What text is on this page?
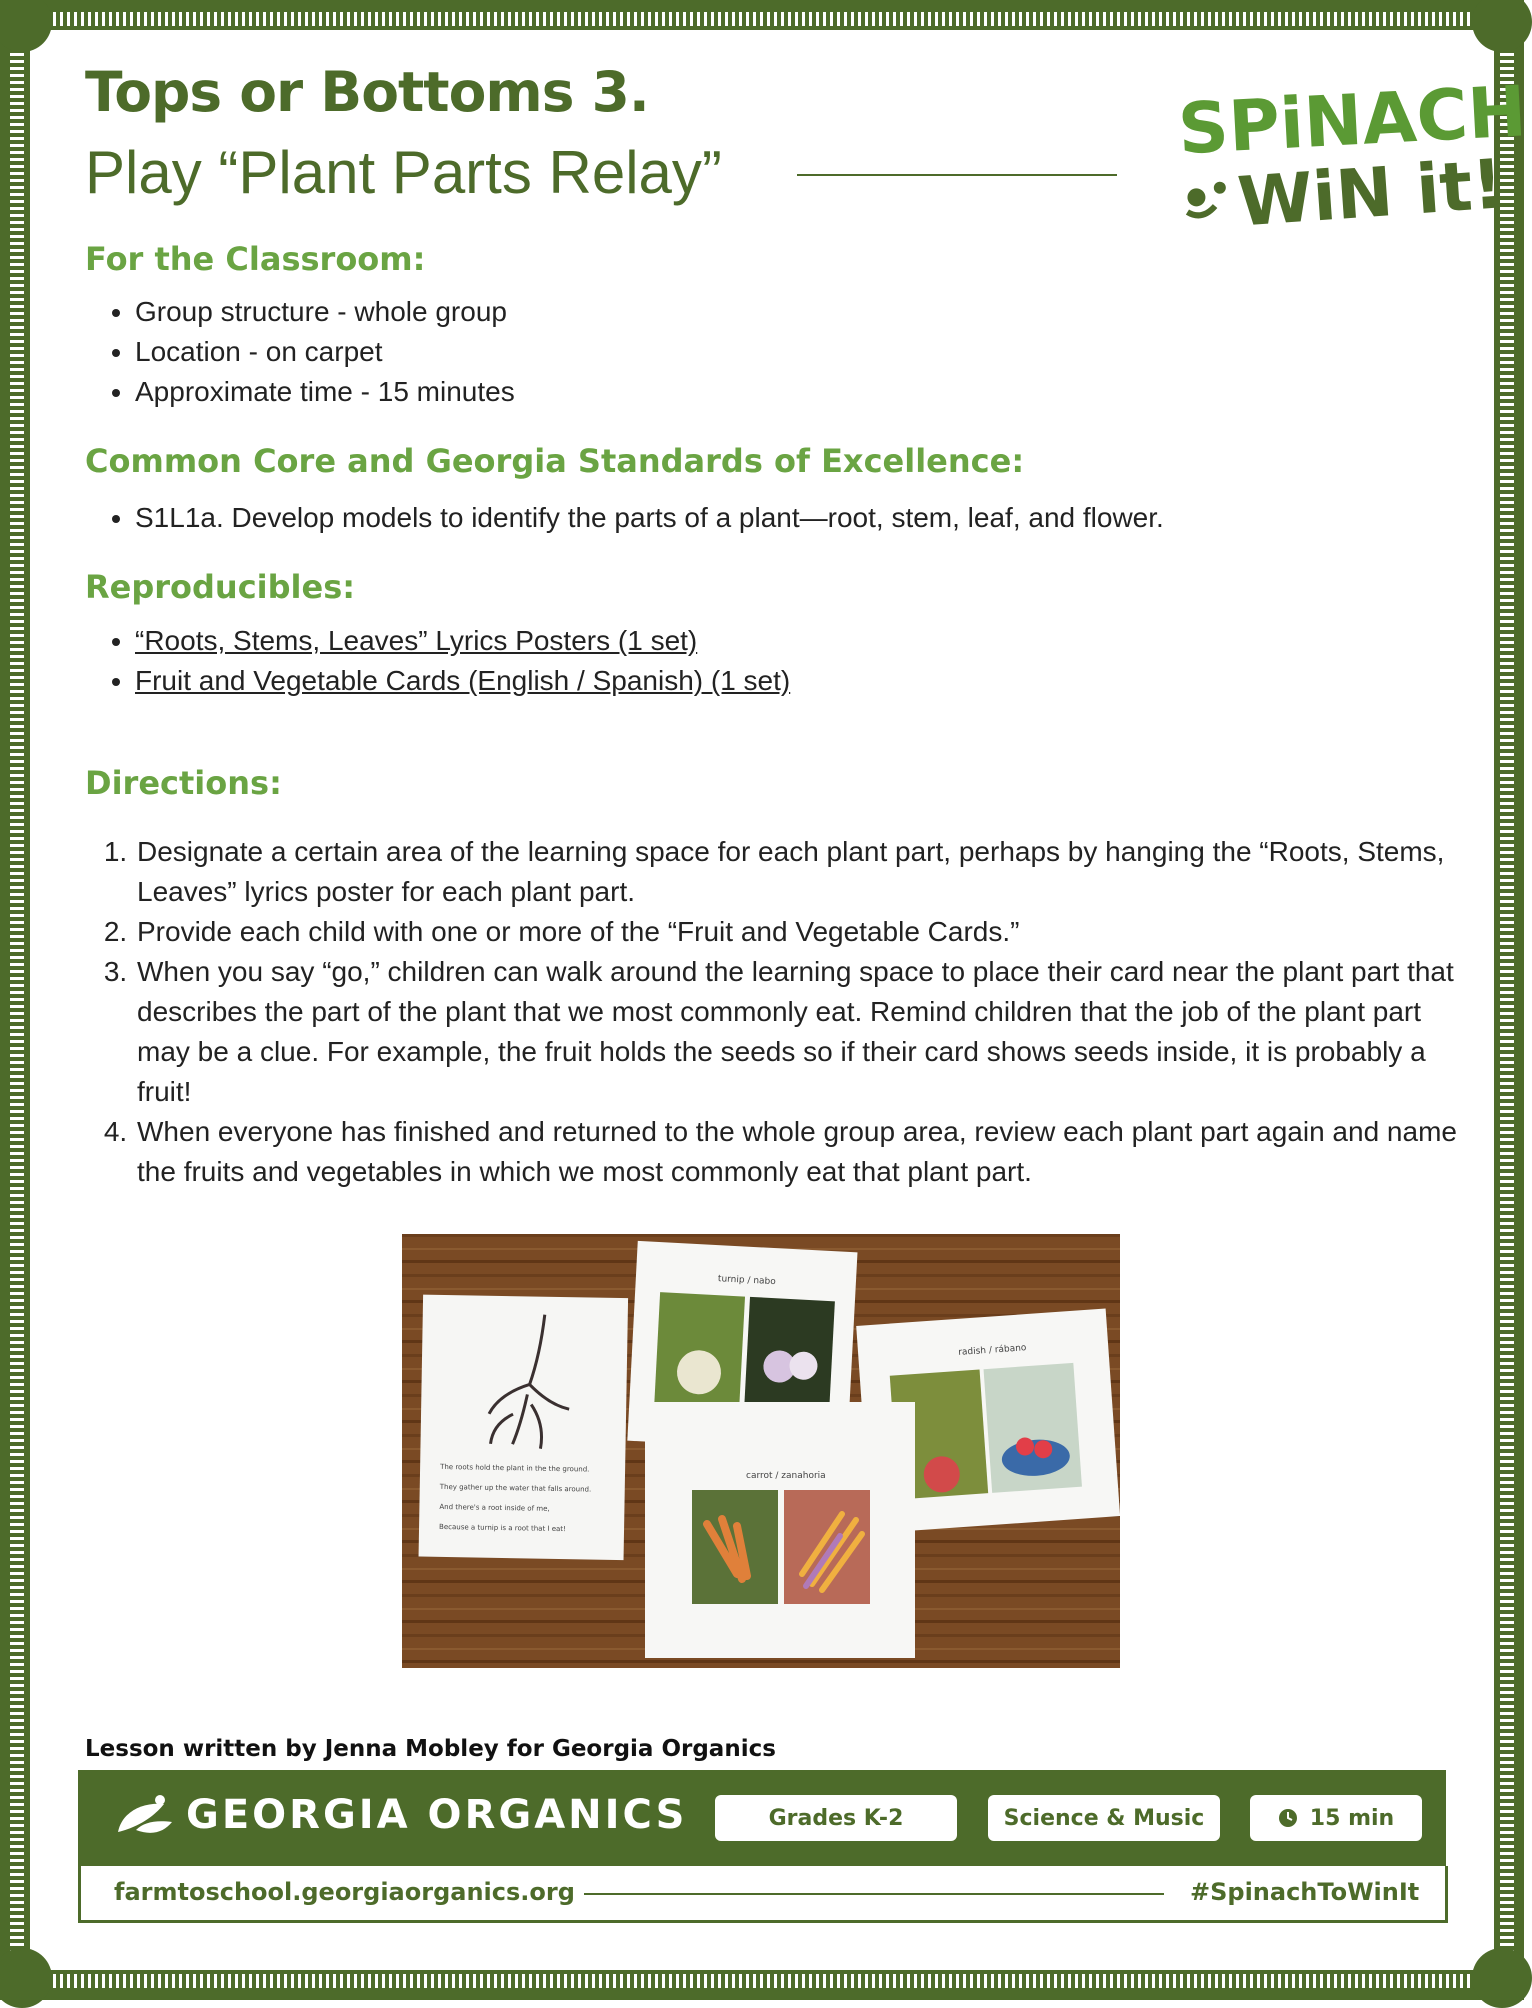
Tops or Bottoms 3.
Play “Plant Parts Relay”
SPiNACH
WiN it!
For the Classroom:
• Group structure - whole group
• Location - on carpet
• Approximate time - 15 minutes
Common Core and Georgia Standards of Excellence:
• S1L1a. Develop models to identify the parts of a plant—root, stem, leaf, and flower.
Reproducibles:
• “Roots, Stems, Leaves” Lyrics Posters (1 set)
• Fruit and Vegetable Cards (English / Spanish) (1 set)
Directions:
1. Designate a certain area of the learning space for each plant part, perhaps by hanging the “Roots, Stems, Leaves” lyrics poster for each plant part.
2. Provide each child with one or more of the “Fruit and Vegetable Cards.”
3. When you say “go,” children can walk around the learning space to place their card near the plant part that describes the part of the plant that we most commonly eat. Remind children that the job of the plant part may be a clue. For example, the fruit holds the seeds so if their card shows seeds inside, it is probably a fruit!
4. When everyone has finished and returned to the whole group area, review each plant part again and name the fruits and vegetables in which we most commonly eat that plant part.
The roots hold the plant in the the ground.
They gather up the water that falls around.
And there's a root inside of me,
Because a turnip is a root that I eat!
turnip / nabo
radish / rábano
carrot / zanahoria
Lesson written by Jenna Mobley for Georgia Organics
GEORGIA ORGANICS	Grades K-2	Science & Music	15 min
farmtoschool.georgiaorganics.org	#SpinachToWinIt
